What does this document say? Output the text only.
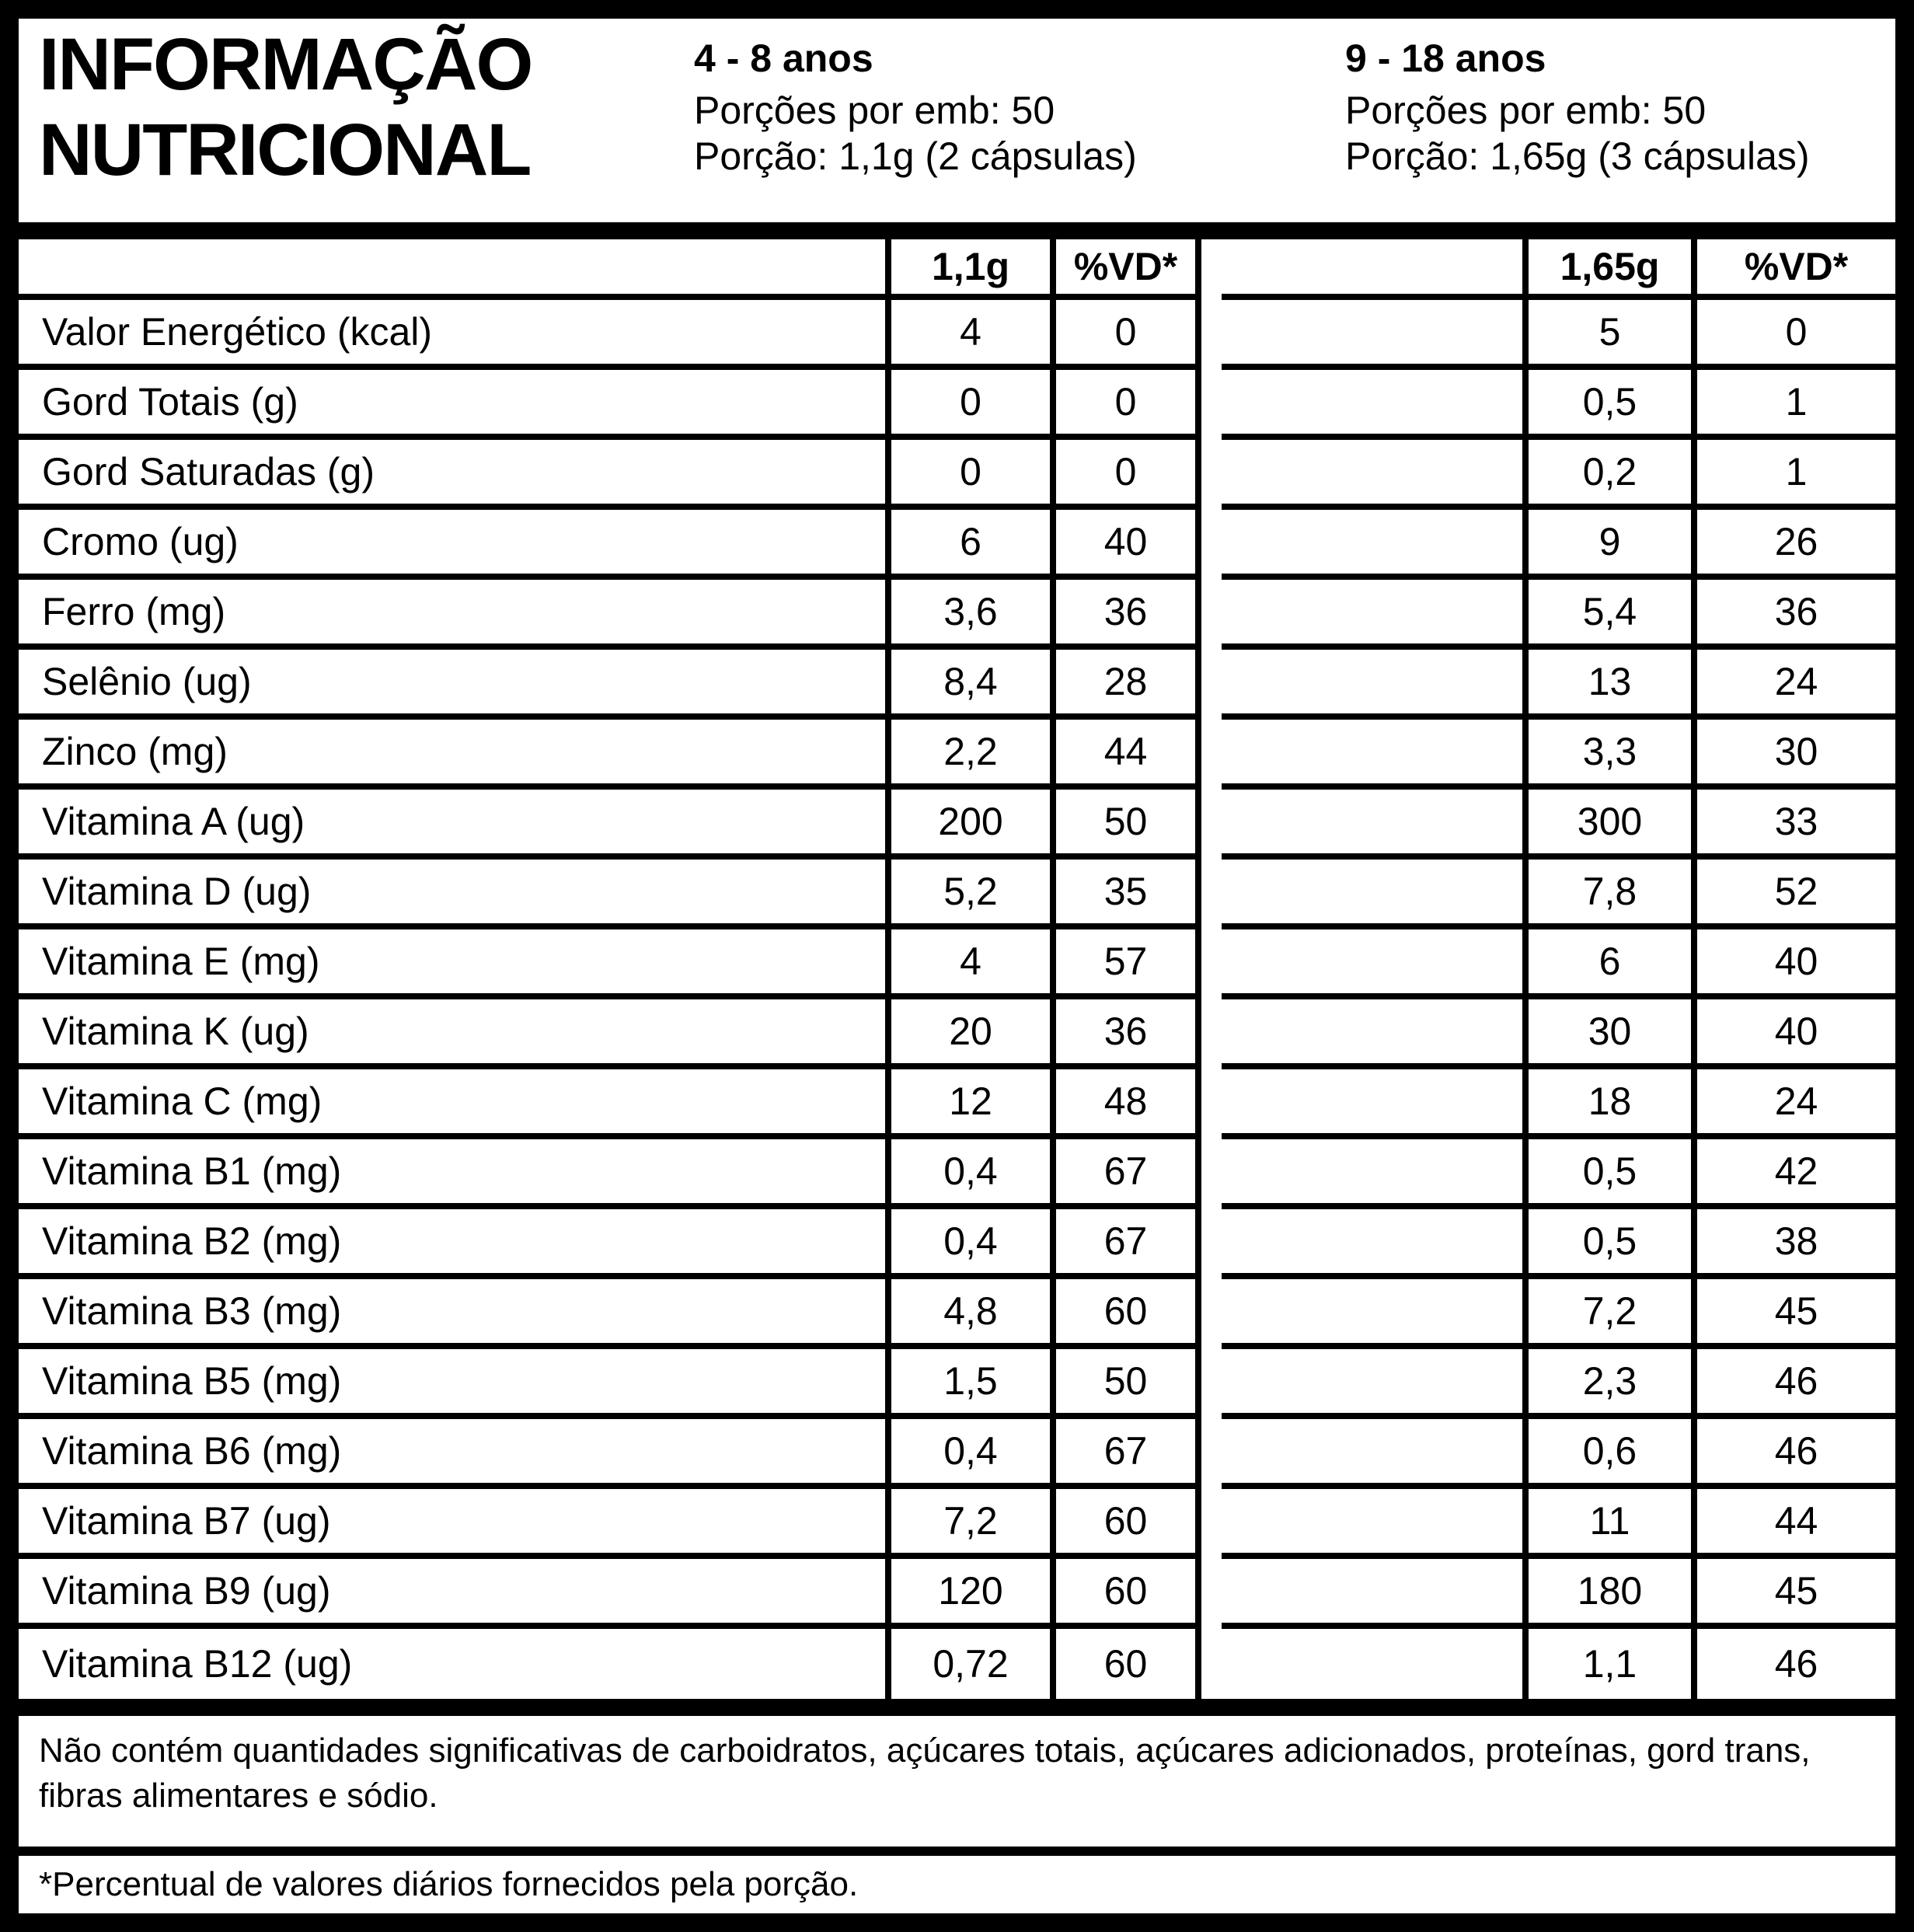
INFORMAÇÃO
NUTRICIONAL
4 - 8 anos
Porções por emb: 50
Porção: 1,1g (2 cápsulas)
9 - 18 anos
Porções por emb: 50
Porção: 1,65g (3 cápsulas)
1,1g	%VD*	1,65g	%VD*
Valor Energético (kcal)	4	0	5	0
Gord Totais (g)	0	0	0,5	1
Gord Saturadas (g)	0	0	0,2	1
Cromo (ug)	6	40	9	26
Ferro (mg)	3,6	36	5,4	36
Selênio (ug)	8,4	28	13	24
Zinco (mg)	2,2	44	3,3	30
Vitamina A (ug)	200	50	300	33
Vitamina D (ug)	5,2	35	7,8	52
Vitamina E (mg)	4	57	6	40
Vitamina K (ug)	20	36	30	40
Vitamina C (mg)	12	48	18	24
Vitamina B1 (mg)	0,4	67	0,5	42
Vitamina B2 (mg)	0,4	67	0,5	38
Vitamina B3 (mg)	4,8	60	7,2	45
Vitamina B5 (mg)	1,5	50	2,3	46
Vitamina B6 (mg)	0,4	67	0,6	46
Vitamina B7 (ug)	7,2	60	11	44
Vitamina B9 (ug)	120	60	180	45
Vitamina B12 (ug)	0,72	60	1,1	46
Não contém quantidades significativas de carboidratos, açúcares totais, açúcares adicionados, proteínas, gord trans, fibras alimentares e sódio.
*Percentual de valores diários fornecidos pela porção.
